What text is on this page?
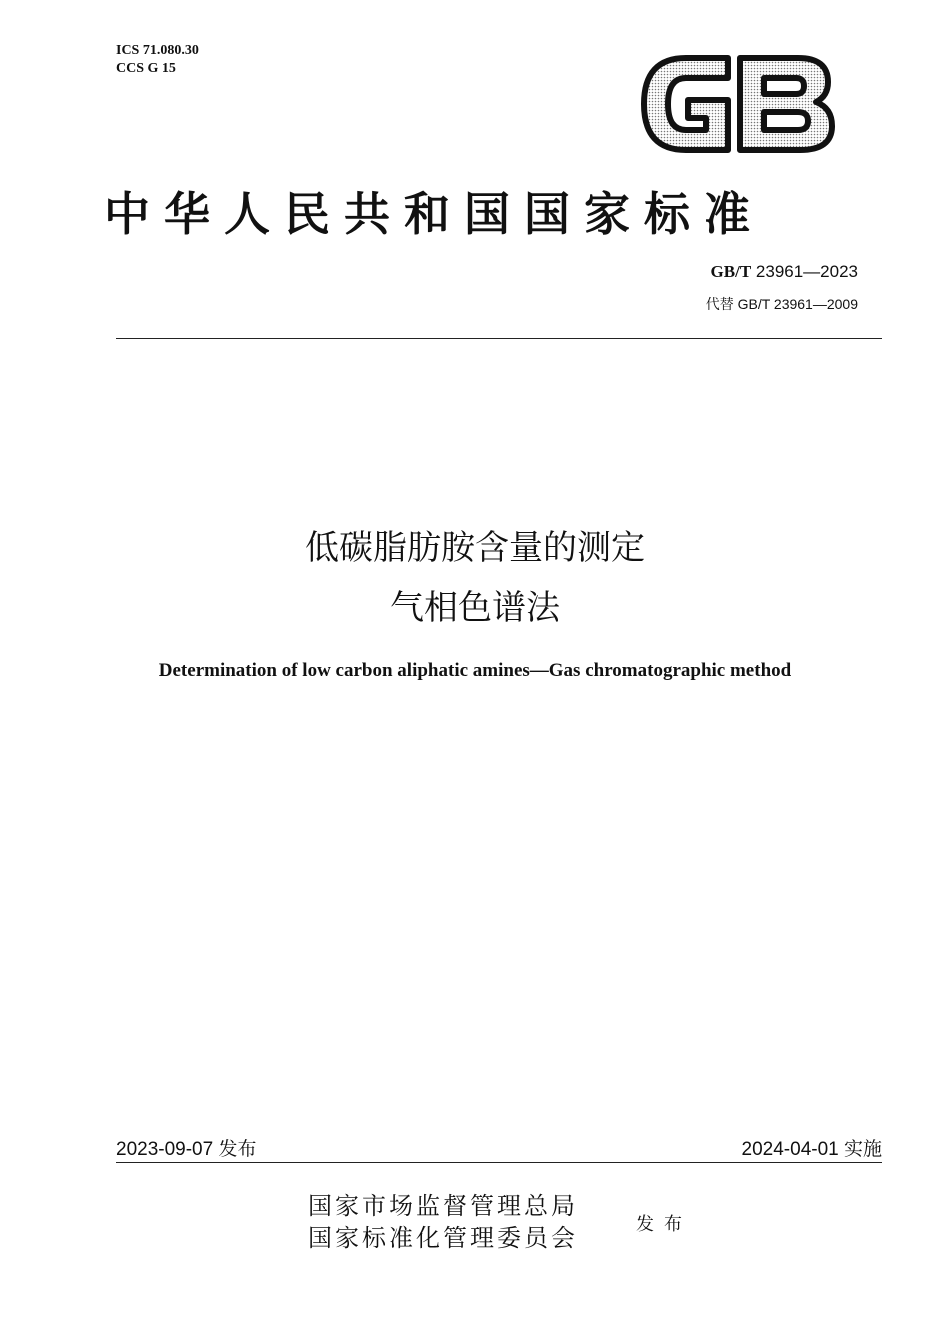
ICS 71.080.30
CCS G 15
中华人民共和国国家标准
GB/T 23961—2023
代替 GB/T 23961—2009
低碳脂肪胺含量的测定
气相色谱法
Determination of low carbon aliphatic amines—Gas chromatographic method
2023-09-07 发布	2024-04-01 实施
国家市场监督管理总局
国家标准化管理委员会	发布
